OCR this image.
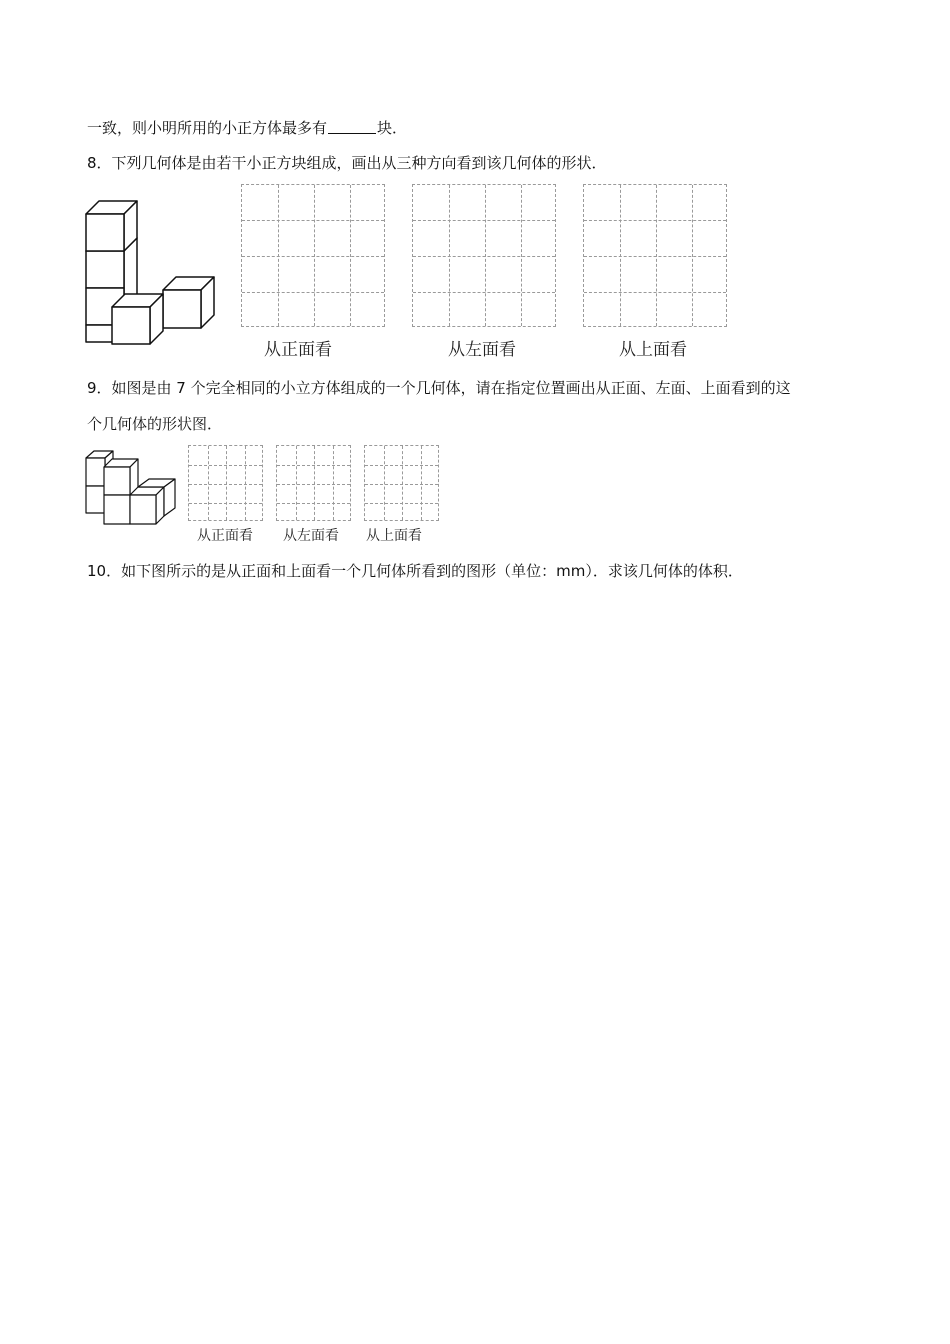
一致，则小明所用的小正方体最多有	块．
8．下列几何体是由若干小正方块组成，画出从三种方向看到该几何体的形状．
从正面看	从左面看	从上面看
9．如图是由 7 个完全相同的小立方体组成的一个几何体，请在指定位置画出从正面、左面、上面看到的这
个几何体的形状图．
从正面看 从左面看 从上面看
10．如下图所示的是从正面和上面看一个几何体所看到的图形（单位：mm）．求该几何体的体积．
